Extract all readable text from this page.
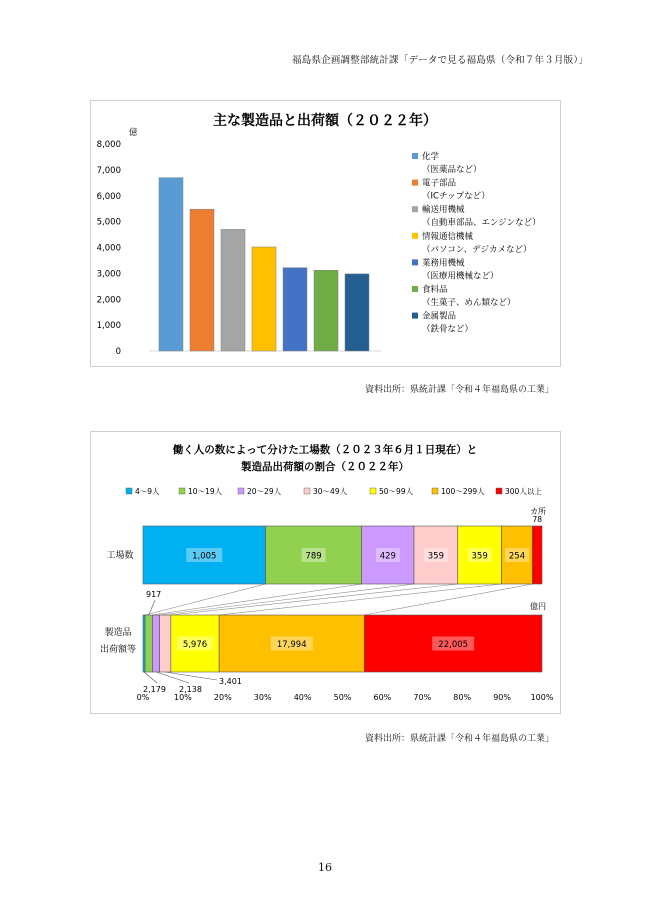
福島県企画調整部統計課「データで見る福島県（令和７年３月版）」
主な製造品と出荷額（２０２２年）
億
0
1,000
2,000
3,000
4,000
5,000
6,000
7,000
8,000
化学
（医薬品など）
電子部品
（ICチップなど）
輸送用機械
（自動車部品、エンジンなど）
情報通信機械
（パソコン、デジカメなど）
業務用機械
（医療用機械など）
食料品
（生菓子、めん類など）
金属製品
（鉄骨など）
資料出所：県統計課「令和４年福島県の工業」
働く人の数によって分けた工場数（２０２３年６月１日現在）と
製造品出荷額の割合（２０２２年）
4～9人	10～19人	20～29人	30～49人	50～99人	100～299人	300人以上
カ所
億円
工場数
製造品
出荷額等
1,005	789	429	359	359 254
5,976	17,994	22,005
78
917
2,179 2,138
3,401
0%	10%	20%	30%	40%	50%	60%	70%	80%	90% 100%
資料出所：県統計課「令和４年福島県の工業」
16
